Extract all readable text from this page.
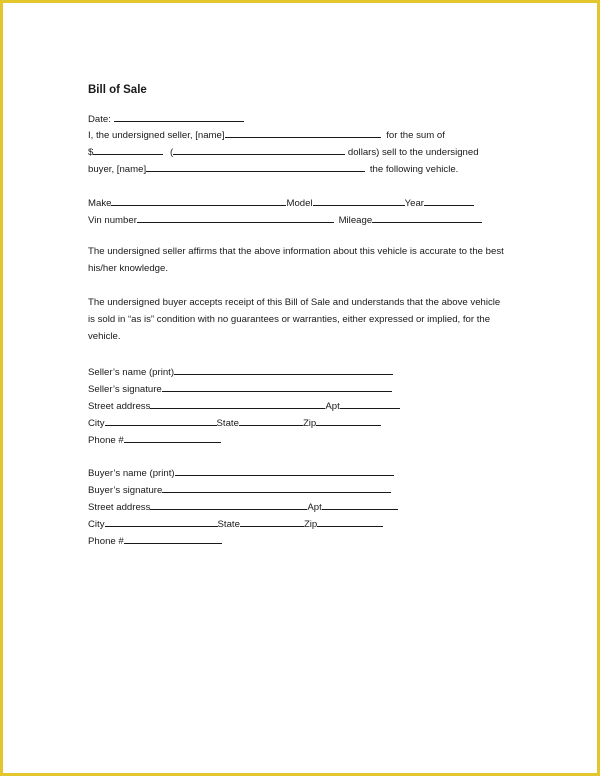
Bill of Sale
Date:
I, the undersigned seller, [name]	for the sum of
$	(	dollars) sell to the undersigned
buyer, [name]	the following vehicle.
Make	Model	Year
Vin number	Mileage
The undersigned seller affirms that the above information about this vehicle is accurate to the best his/her knowledge.
The undersigned buyer accepts receipt of this Bill of Sale and understands that the above vehicle is sold in “as is” condition with no guarantees or warranties, either expressed or implied, for the vehicle.
Seller’s name (print)
Seller’s signature
Street address	Apt
City	State	Zip
Phone #
Buyer’s name (print)
Buyer’s signature
Street address	Apt
City	State	Zip
Phone #
